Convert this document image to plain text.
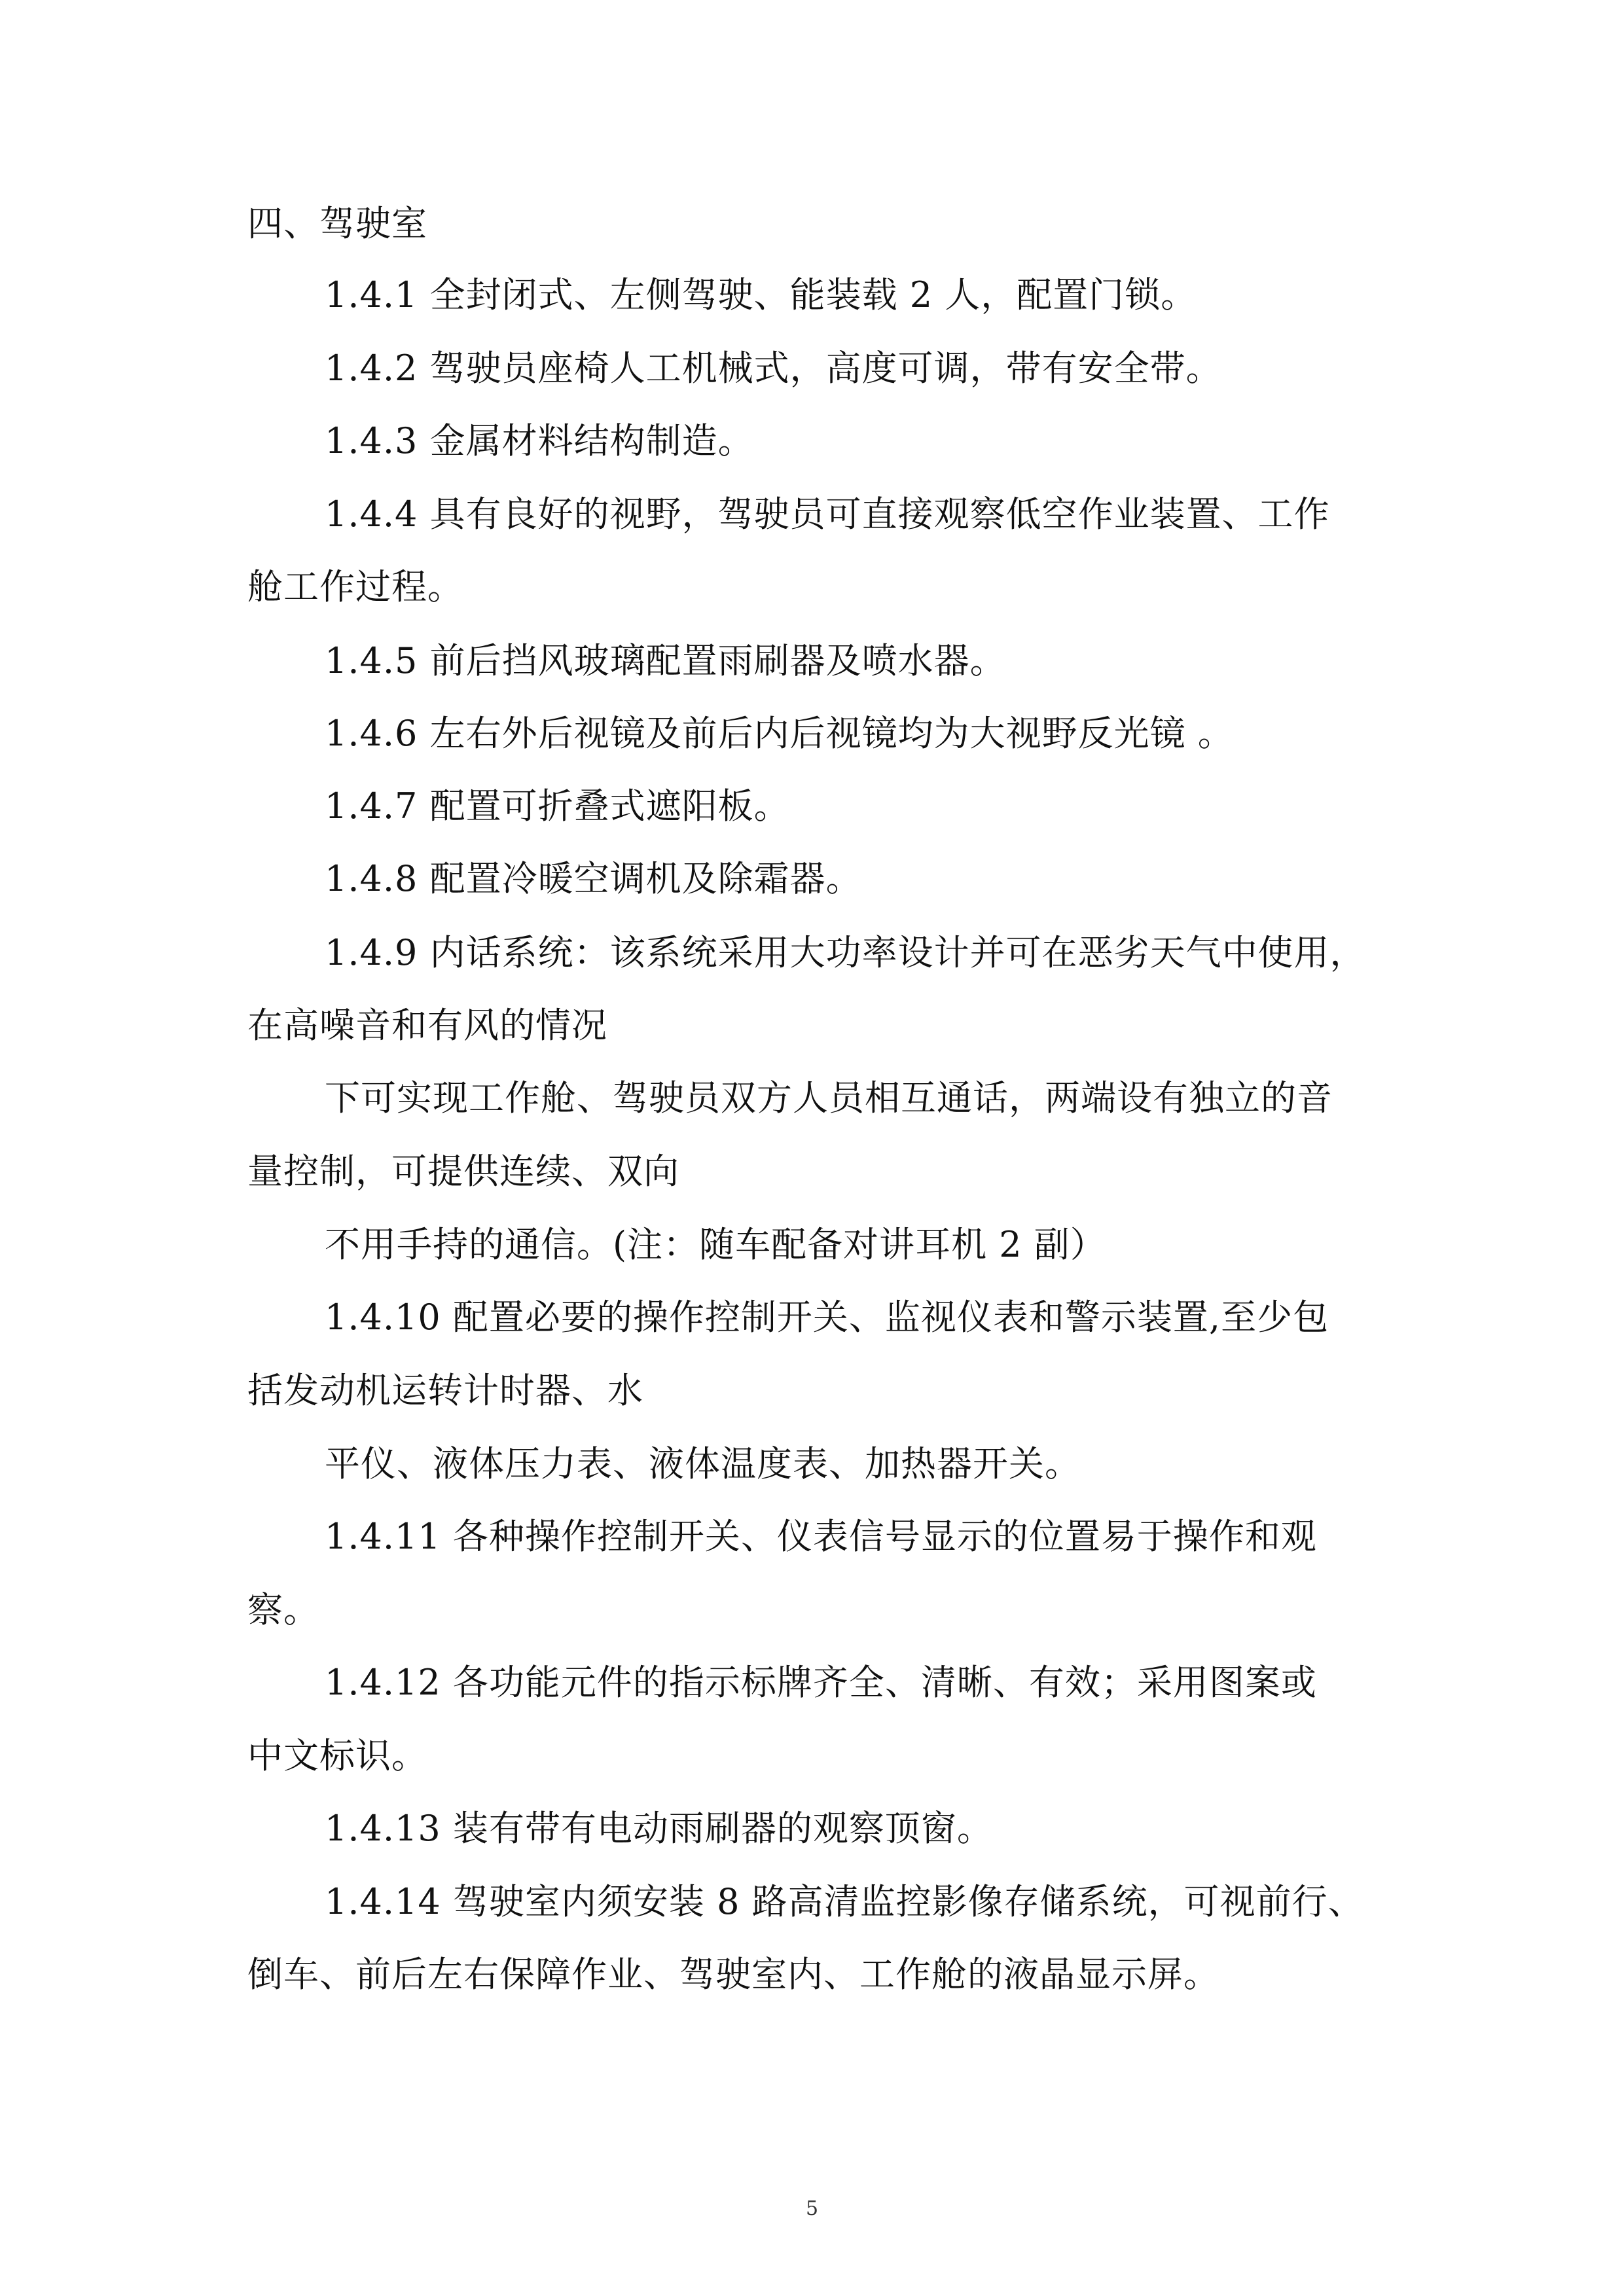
四、驾驶室
1.4.1 全封闭式、左侧驾驶、能装载 2 人，配置门锁。
1.4.2 驾驶员座椅人工机械式，高度可调，带有安全带。
1.4.3 金属材料结构制造。
1.4.4 具有良好的视野，驾驶员可直接观察低空作业装置、工作
舱工作过程。
1.4.5 前后挡风玻璃配置雨刷器及喷水器。
1.4.6 左右外后视镜及前后内后视镜均为大视野反光镜 。
1.4.7 配置可折叠式遮阳板。
1.4.8 配置冷暖空调机及除霜器。
1.4.9 内话系统：该系统采用大功率设计并可在恶劣天气中使用，
在高噪音和有风的情况
下可实现工作舱、驾驶员双方人员相互通话，两端设有独立的音
量控制，可提供连续、双向
不用手持的通信。(注：随车配备对讲耳机 2 副）
1.4.10 配置必要的操作控制开关、监视仪表和警示装置,至少包
括发动机运转计时器、水
平仪、液体压力表、液体温度表、加热器开关。
1.4.11 各种操作控制开关、仪表信号显示的位置易于操作和观
察。
1.4.12 各功能元件的指示标牌齐全、清晰、有效；采用图案或
中文标识。
1.4.13 装有带有电动雨刷器的观察顶窗。
1.4.14 驾驶室内须安装 8 路高清监控影像存储系统，可视前行、
倒车、前后左右保障作业、驾驶室内、工作舱的液晶显示屏。
5
